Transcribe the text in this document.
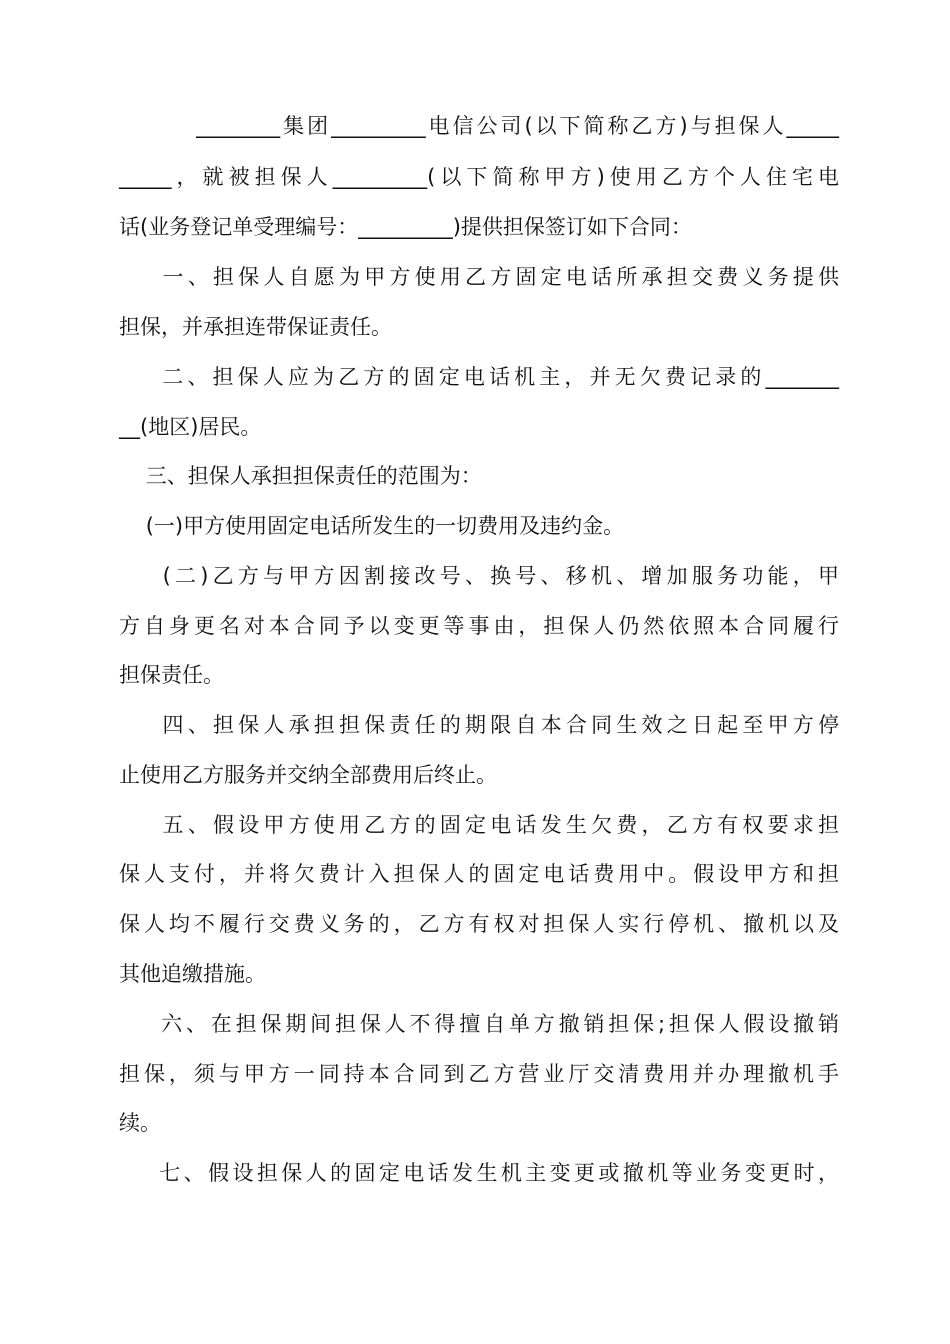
________集团_________电信公司(以下简称乙方)与担保人_____
_____，就被担保人_________(以下简称甲方)使用乙方个人住宅电
话(业务登记单受理编号：_________)提供担保签订如下合同：
一、担保人自愿为甲方使用乙方固定电话所承担交费义务提供
担保，并承担连带保证责任。
二、担保人应为乙方的固定电话机主，并无欠费记录的_______
__(地区)居民。
三、担保人承担担保责任的范围为：
(一)甲方使用固定电话所发生的一切费用及违约金。
(二)乙方与甲方因割接改号、换号、移机、增加服务功能，甲
方自身更名对本合同予以变更等事由，担保人仍然依照本合同履行
担保责任。
四、担保人承担担保责任的期限自本合同生效之日起至甲方停
止使用乙方服务并交纳全部费用后终止。
五、假设甲方使用乙方的固定电话发生欠费，乙方有权要求担
保人支付，并将欠费计入担保人的固定电话费用中。假设甲方和担
保人均不履行交费义务的，乙方有权对担保人实行停机、撤机以及
其他追缴措施。
六、在担保期间担保人不得擅自单方撤销担保;担保人假设撤销
担保，须与甲方一同持本合同到乙方营业厅交清费用并办理撤机手
续。
七、假设担保人的固定电话发生机主变更或撤机等业务变更时，
